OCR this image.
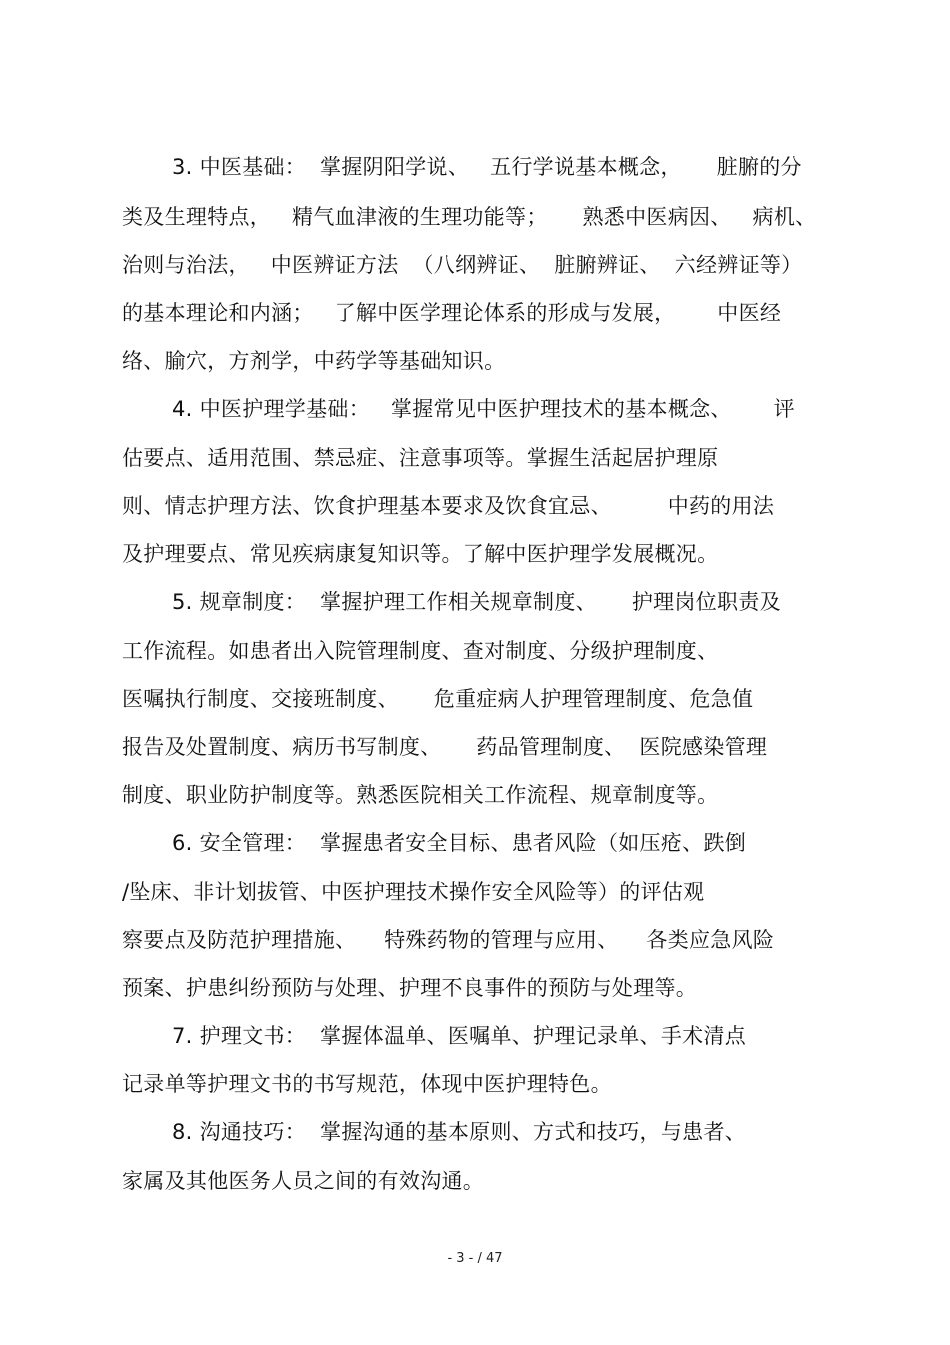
3. 中医基础：  掌握阴阳学说、   五行学说基本概念，     脏腑的分
类及生理特点，   精气血津液的生理功能等；     熟悉中医病因、   病机、
治则与治法，   中医辨证方法  （八纲辨证、  脏腑辨证、  六经辨证等）
的基本理论和内涵；   了解中医学理论体系的形成与发展，      中医经
络、腧穴，方剂学，中药学等基础知识。
4. 中医护理学基础：   掌握常见中医护理技术的基本概念、      评
估要点、适用范围、禁忌症、注意事项等。掌握生活起居护理原
则、情志护理方法、饮食护理基本要求及饮食宜忌、        中药的用法
及护理要点、常见疾病康复知识等。了解中医护理学发展概况。
5. 规章制度：  掌握护理工作相关规章制度、     护理岗位职责及
工作流程。如患者出入院管理制度、查对制度、分级护理制度、
医嘱执行制度、交接班制度、     危重症病人护理管理制度、危急值
报告及处置制度、病历书写制度、     药品管理制度、  医院感染管理
制度、职业防护制度等。熟悉医院相关工作流程、规章制度等。
6. 安全管理：  掌握患者安全目标、患者风险（如压疮、跌倒
/坠床、非计划拔管、中医护理技术操作安全风险等）的评估观
察要点及防范护理措施、    特殊药物的管理与应用、    各类应急风险
预案、护患纠纷预防与处理、护理不良事件的预防与处理等。
7. 护理文书：  掌握体温单、医嘱单、护理记录单、手术清点
记录单等护理文书的书写规范，体现中医护理特色。
8. 沟通技巧：  掌握沟通的基本原则、方式和技巧，与患者、
家属及其他医务人员之间的有效沟通。
- 3 - / 47
